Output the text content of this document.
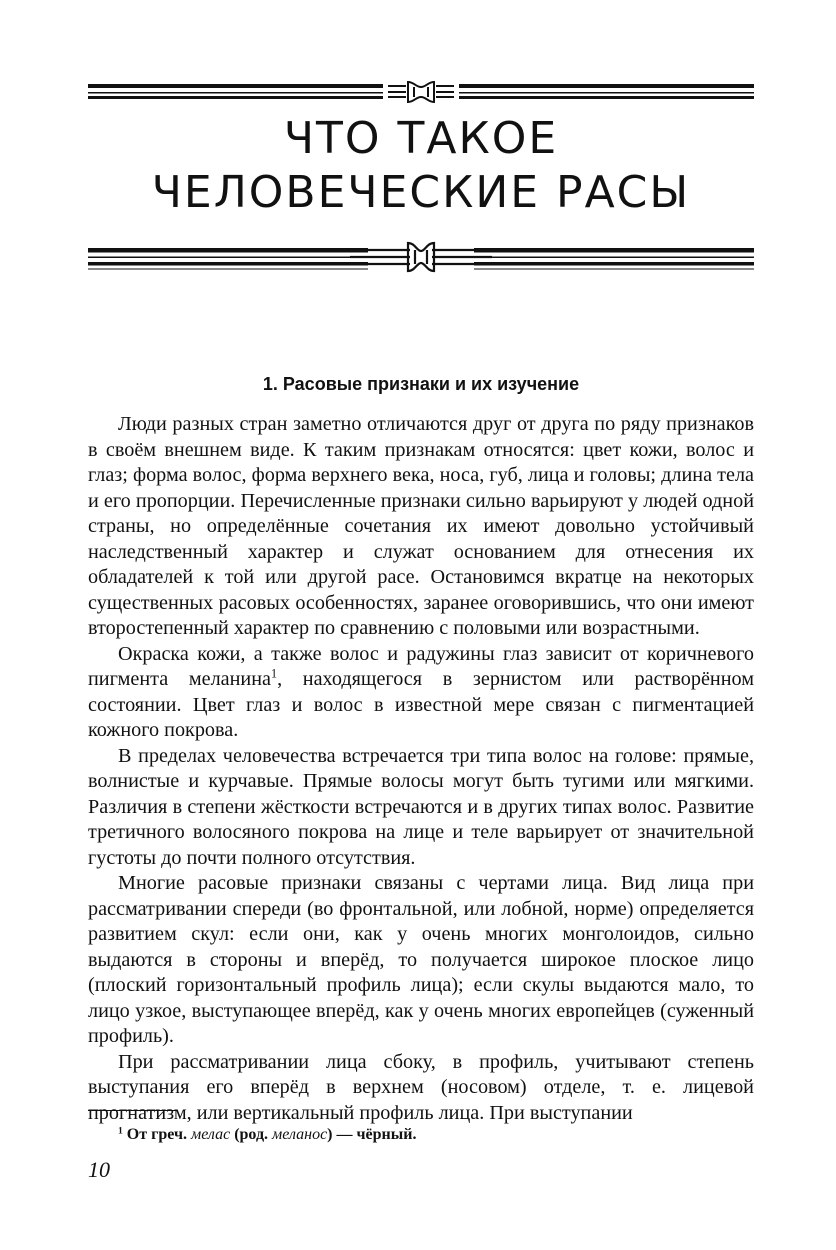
ЧТО ТАКОЕ
ЧЕЛОВЕЧЕСКИЕ РАСЫ
1. Расовые признаки и их изучение

Люди разных стран заметно отличаются друг от друга по ряду признаков в своём внешнем виде. К таким признакам относятся: цвет кожи, волос и глаз; форма волос, форма верхнего века, носа, губ, лица и головы; длина тела и его пропорции. Перечисленные признаки сильно варьируют у людей одной страны, но определённые сочетания их имеют довольно устойчивый наследственный характер и служат основанием для отнесения их обладателей к той или другой расе. Остановимся вкратце на некоторых существенных расовых особенностях, заранее оговорившись, что они имеют второстепенный характер по сравнению с половыми или возрастными.

Окраска кожи, а также волос и радужины глаз зависит от коричневого пигмента меланина$^1$, находящегося в зернистом или растворённом состоянии. Цвет глаз и волос в известной мере связан с пигментацией кожного покрова.

В пределах человечества встречается три типа волос на голове: прямые, волнистые и курчавые. Прямые волосы могут быть тугими или мягкими. Различия в степени жёсткости встречаются и в других типах волос. Развитие третичного волосяного покрова на лице и теле варьирует от значительной густоты до почти полного отсутствия.

Многие расовые признаки связаны с чертами лица. Вид лица при рассматривании спереди (во фронтальной, или лобной, норме) определяется развитием скул: если они, как у очень многих монголоидов, сильно выдаются в стороны и вперёд, то получается широкое плоское лицо (плоский горизонтальный профиль лица); если скулы выдаются мало, то лицо узкое, выступающее вперёд, как у очень многих европейцев (суженный профиль).

При рассматривании лица сбоку, в профиль, учитывают степень выступания его вперёд в верхнем (носовом) отделе, т. е. лицевой прогнатизм, или вертикальный профиль лица. При выступании

$^1$ От греч. мелас (род. меланос) — чёрный.
10
